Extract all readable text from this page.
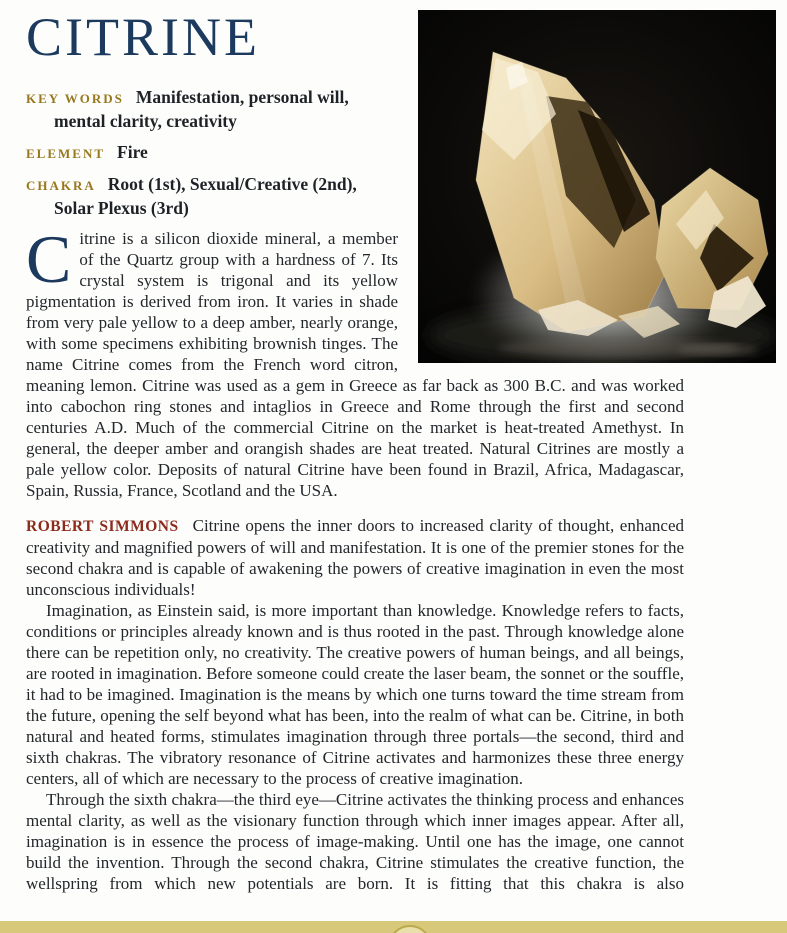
CITRINE

KEY WORDS Manifestation, personal will, mental clarity, creativity

ELEMENT Fire

CHAKRA Root (1st), Sexual/Creative (2nd), Solar Plexus (3rd)

Citrine is a silicon dioxide mineral, a member of the Quartz group with a hardness of 7. Its crystal system is trigonal and its yellow pigmentation is derived from iron. It varies in shade from very pale yellow to a deep amber, nearly orange, with some specimens exhibiting brownish tinges. The name Citrine comes from the French word citron, meaning lemon. Citrine was used as a gem in Greece as far back as 300 B.C. and was worked into cabochon ring stones and intaglios in Greece and Rome through the first and second centuries A.D. Much of the commercial Citrine on the market is heat-treated Amethyst. In general, the deeper amber and orangish shades are heat treated. Natural Citrines are mostly a pale yellow color. Deposits of natural Citrine have been found in Brazil, Africa, Madagascar, Spain, Russia, France, Scotland and the USA.

ROBERT SIMMONS Citrine opens the inner doors to increased clarity of thought, enhanced creativity and magnified powers of will and manifestation. It is one of the premier stones for the second chakra and is capable of awakening the powers of creative imagination in even the most unconscious individuals!

Imagination, as Einstein said, is more important than knowledge. Knowledge refers to facts, conditions or principles already known and is thus rooted in the past. Through knowledge alone there can be repetition only, no creativity. The creative powers of human beings, and all beings, are rooted in imagination. Before someone could create the laser beam, the sonnet or the souffle, it had to be imagined. Imagination is the means by which one turns toward the time stream from the future, opening the self beyond what has been, into the realm of what can be. Citrine, in both natural and heated forms, stimulates imagination through three portals—the second, third and sixth chakras. The vibratory resonance of Citrine activates and harmonizes these three energy centers, all of which are necessary to the process of creative imagination.

Through the sixth chakra—the third eye—Citrine activates the thinking process and enhances mental clarity, as well as the visionary function through which inner images appear. After all, imagination is in essence the process of image-making. Until one has the image, one cannot build the invention. Through the second chakra, Citrine stimulates the creative function, the wellspring from which new potentials are born. It is fitting that this chakra is also
